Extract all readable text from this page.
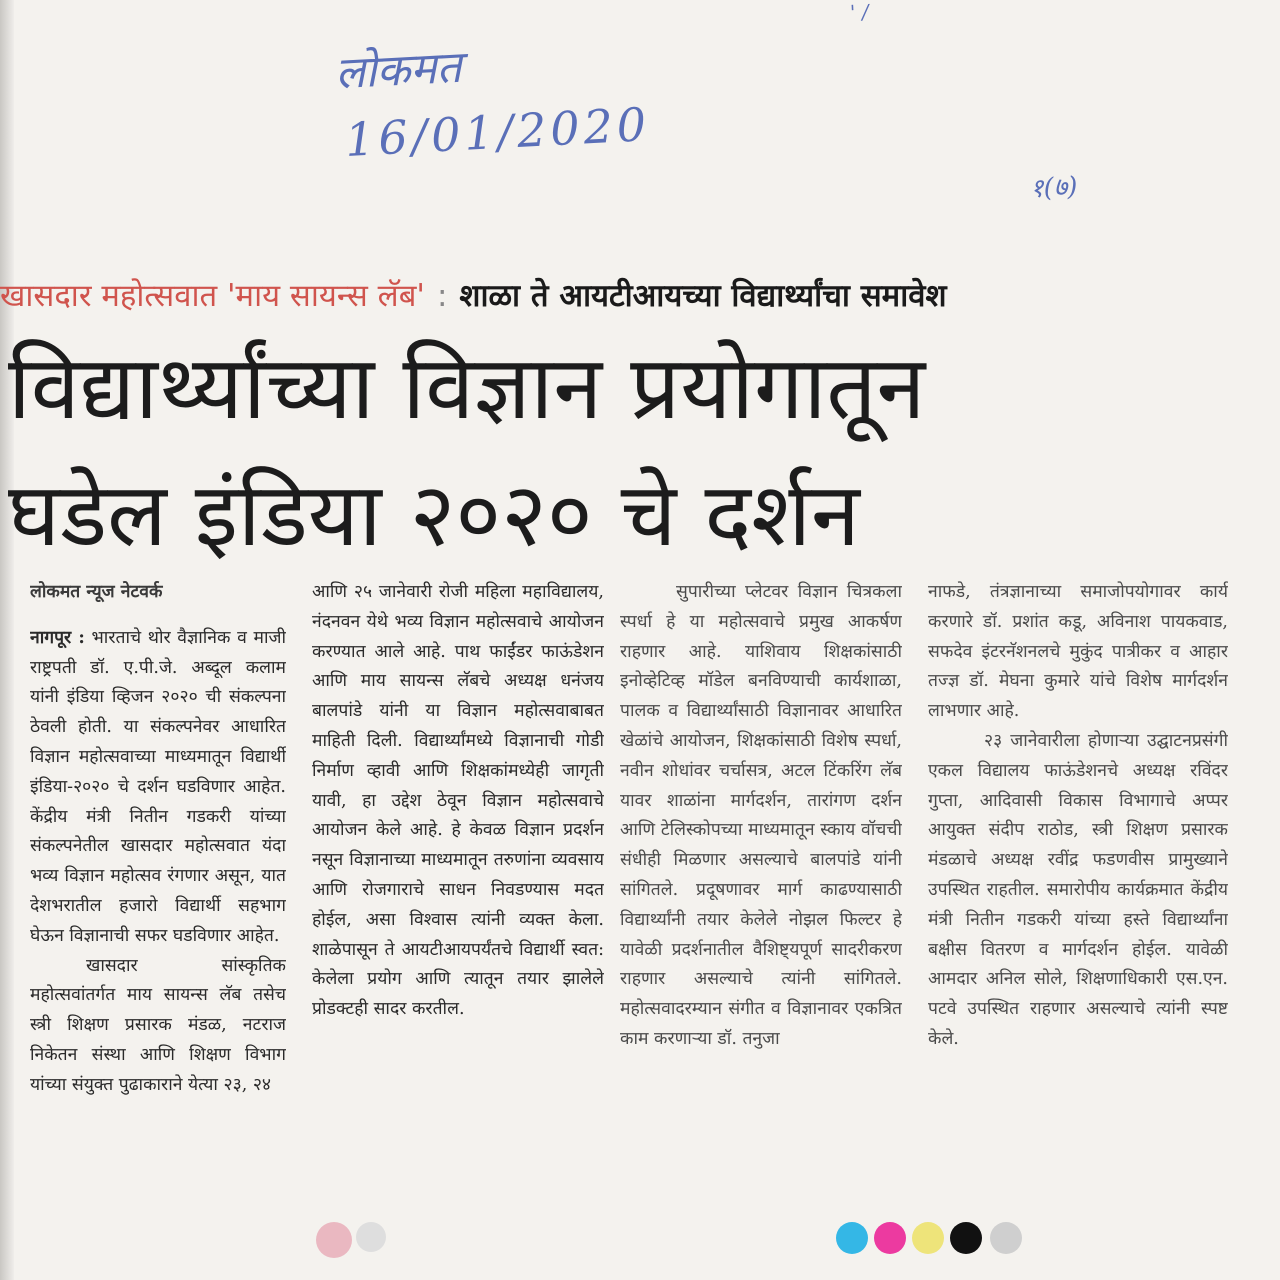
' /
लोकमत
16/01/2020
१(७)
खासदार महोत्सवात 'माय सायन्स लॅब' : शाळा ते आयटीआयच्या विद्यार्थ्यांचा समावेश
विद्यार्थ्यांच्या विज्ञान प्रयोगातून
घडेल इंडिया २०२० चे दर्शन

लोकमत न्यूज नेटवर्क

नागपूर : भारताचे थोर वैज्ञानिक व माजी राष्ट्रपती डॉ. ए.पी.जे. अब्दूल कलाम यांनी इंडिया व्हिजन २०२० ची संकल्पना ठेवली होती. या संकल्पनेवर आधारित विज्ञान महोत्सवाच्या माध्यमातून विद्यार्थी इंडिया-२०२० चे दर्शन घडविणार आहेत. केंद्रीय मंत्री नितीन गडकरी यांच्या संकल्पनेतील खासदार महोत्सवात यंदा भव्य विज्ञान महोत्सव रंगणार असून, यात देशभरातील हजारो विद्यार्थी सहभाग घेऊन विज्ञानाची सफर घडविणार आहेत.

खासदार सांस्कृतिक महोत्सवांतर्गत माय सायन्स लॅब तसेच स्त्री शिक्षण प्रसारक मंडळ, नटराज निकेतन संस्था आणि शिक्षण विभाग यांच्या संयुक्त पुढाकाराने येत्या २३, २४

आणि २५ जानेवारी रोजी महिला महाविद्यालय, नंदनवन येथे भव्य विज्ञान महोत्सवाचे आयोजन करण्यात आले आहे. पाथ फाईंडर फाऊंडेशन आणि माय सायन्स लॅबचे अध्यक्ष धनंजय बालपांडे यांनी या विज्ञान महोत्सवाबाबत माहिती दिली. विद्यार्थ्यांमध्ये विज्ञानाची गोडी निर्माण व्हावी आणि शिक्षकांमध्येही जागृती यावी, हा उद्देश ठेवून विज्ञान महोत्सवाचे आयोजन केले आहे. हे केवळ विज्ञान प्रदर्शन नसून विज्ञानाच्या माध्यमातून तरुणांना व्यवसाय आणि रोजगाराचे साधन निवडण्यास मदत होईल, असा विश्वास त्यांनी व्यक्त केला. शाळेपासून ते आयटीआयपर्यंतचे विद्यार्थी स्वत: केलेला प्रयोग आणि त्यातून तयार झालेले प्रोडक्टही सादर करतील.

सुपारीच्या प्लेटवर विज्ञान चित्रकला स्पर्धा हे या महोत्सवाचे प्रमुख आकर्षण राहणार आहे. याशिवाय शिक्षकांसाठी इनोव्हेटिव्ह मॉडेल बनविण्याची कार्यशाळा, पालक व विद्यार्थ्यांसाठी विज्ञानावर आधारित खेळांचे आयोजन, शिक्षकांसाठी विशेष स्पर्धा, नवीन शोधांवर चर्चासत्र, अटल टिंकरिंग लॅब यावर शाळांना मार्गदर्शन, तारांगण दर्शन आणि टेलिस्कोपच्या माध्यमातून स्काय वॉचची संधीही मिळणार असल्याचे बालपांडे यांनी सांगितले. प्रदूषणावर मार्ग काढण्यासाठी विद्यार्थ्यांनी तयार केलेले नोझल फिल्टर हे यावेळी प्रदर्शनातील वैशिष्ट्यपूर्ण सादरीकरण राहणार असल्याचे त्यांनी सांगितले. महोत्सवादरम्यान संगीत व विज्ञानावर एकत्रित काम करणाऱ्या डॉ. तनुजा

नाफडे, तंत्रज्ञानाच्या समाजोपयोगावर कार्य करणारे डॉ. प्रशांत कडू, अविनाश पायकवाड, सफदेव इंटरनॅशनलचे मुकुंद पात्रीकर व आहार तज्ज्ञ डॉ. मेघना कुमारे यांचे विशेष मार्गदर्शन लाभणार आहे.

२३ जानेवारीला होणाऱ्या उद्घाटनप्रसंगी एकल विद्यालय फाऊंडेशनचे अध्यक्ष रविंदर गुप्ता, आदिवासी विकास विभागाचे अप्पर आयुक्त संदीप राठोड, स्त्री शिक्षण प्रसारक मंडळाचे अध्यक्ष रवींद्र फडणवीस प्रामुख्याने उपस्थित राहतील. समारोपीय कार्यक्रमात केंद्रीय मंत्री नितीन गडकरी यांच्या हस्ते विद्यार्थ्यांना बक्षीस वितरण व मार्गदर्शन होईल. यावेळी आमदार अनिल सोले, शिक्षणाधिकारी एस.एन. पटवे उपस्थित राहणार असल्याचे त्यांनी स्पष्ट केले.
